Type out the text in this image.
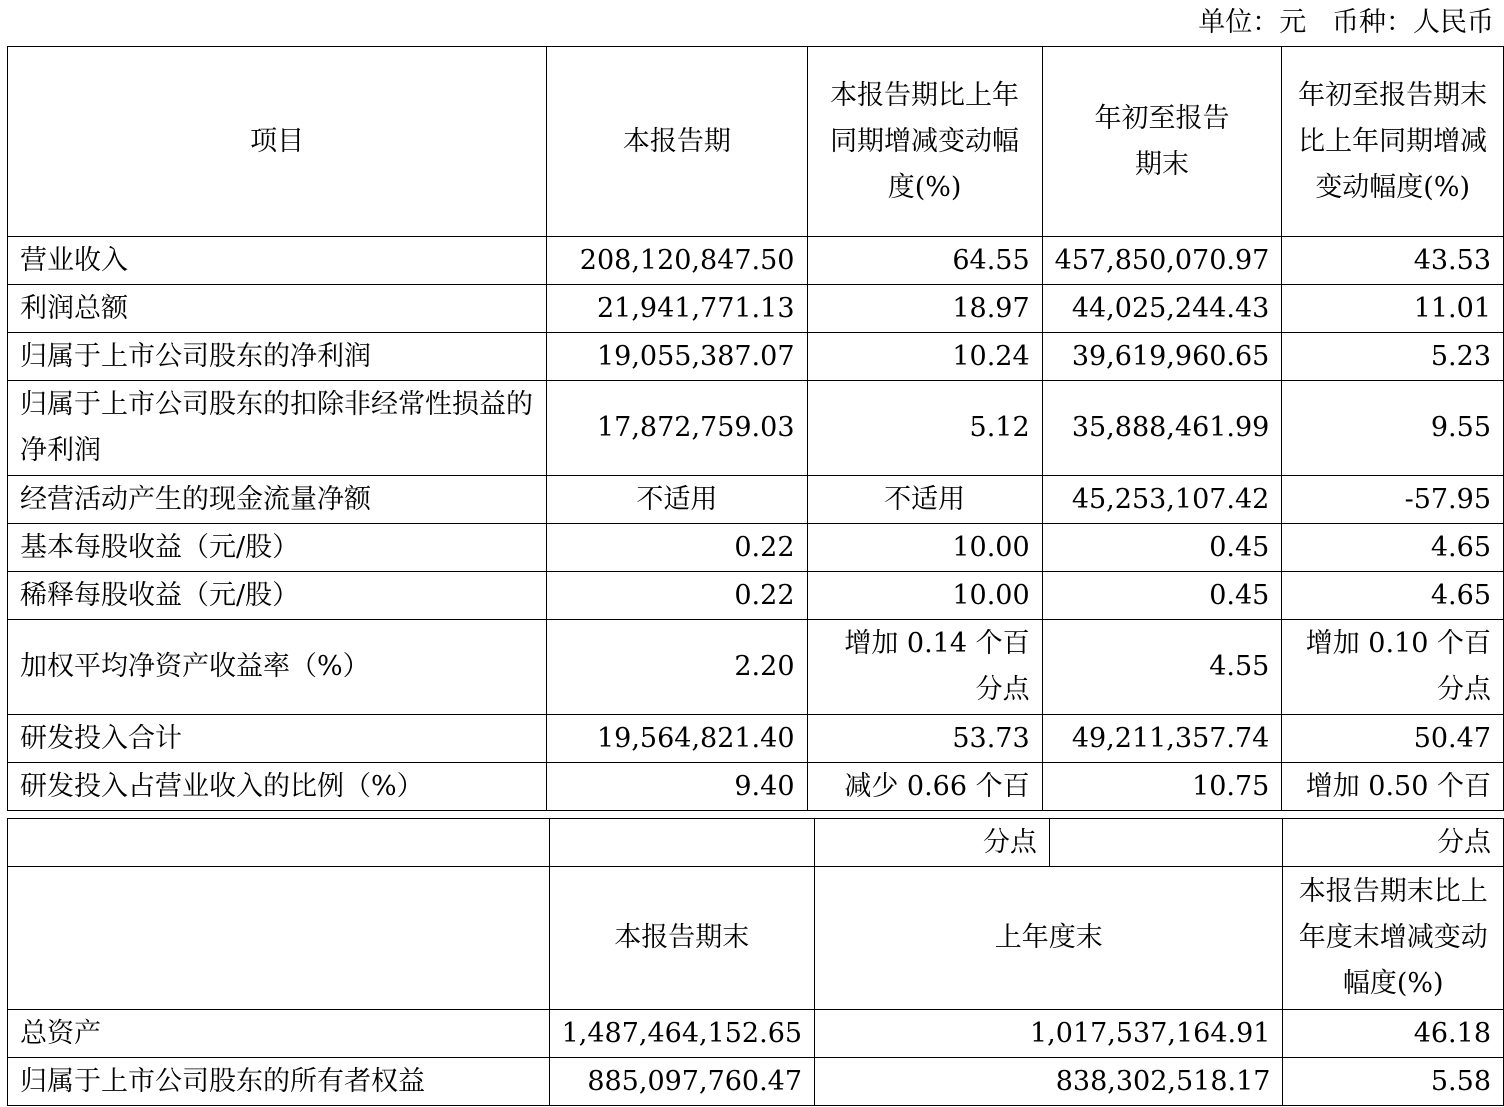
单位：元   币种：人民币
项目	本报告期	本报告期比上年同期增减变动幅度(%)	年初至报告期末	年初至报告期末比上年同期增减变动幅度(%)
营业收入	208,120,847.50	64.55	457,850,070.97	43.53
利润总额	21,941,771.13	18.97	44,025,244.43	11.01
归属于上市公司股东的净利润	19,055,387.07	10.24	39,619,960.65	5.23
归属于上市公司股东的扣除非经常性损益的净利润	17,872,759.03	5.12	35,888,461.99	9.55
经营活动产生的现金流量净额	不适用	不适用	45,253,107.42	-57.95
基本每股收益（元/股）	0.22	10.00	0.45	4.65
稀释每股收益（元/股）	0.22	10.00	0.45	4.65
加权平均净资产收益率（%）	2.20	增加 0.14 个百分点	4.55	增加 0.10 个百分点
研发投入合计	19,564,821.40	53.73	49,211,357.74	50.47
研发投入占营业收入的比例（%）	9.40	减少 0.66 个百	10.75	增加 0.50 个百
		分点		分点
	本报告期末	上年度末		本报告期末比上年度末增减变动幅度(%)
总资产	1,487,464,152.65	1,017,537,164.91		46.18
归属于上市公司股东的所有者权益	885,097,760.47	838,302,518.17		5.58
